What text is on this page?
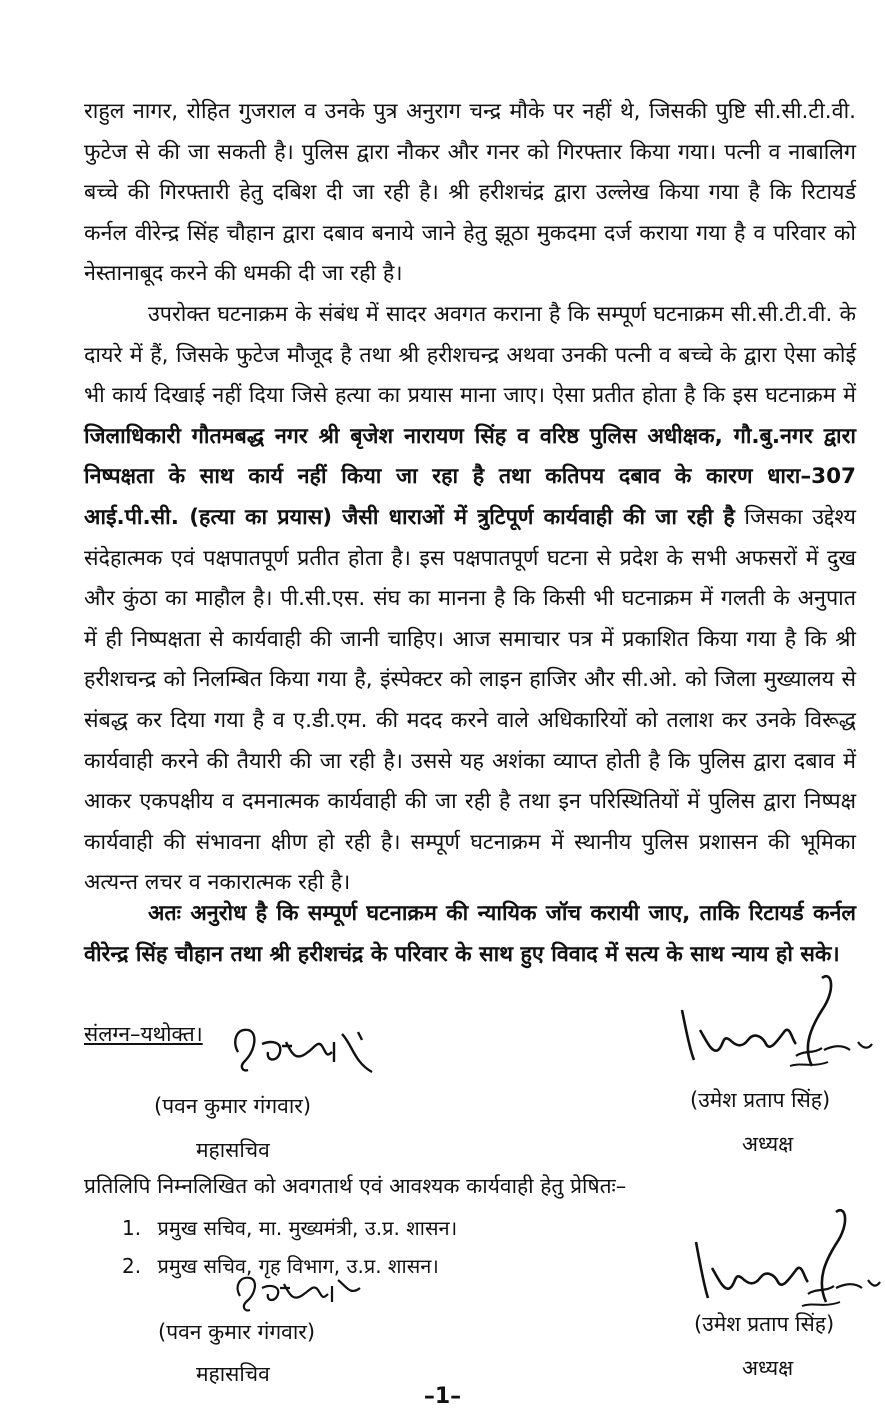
राहुल नागर, रोहित गुजराल व उनके पुत्र अनुराग चन्द्र मौके पर नहीं थे, जिसकी पुष्टि सी.सी.टी.वी. फुटेज से की जा सकती है। पुलिस द्वारा नौकर और गनर को गिरफ्तार किया गया। पत्नी व नाबालिग बच्चे की गिरफ्तारी हेतु दबिश दी जा रही है। श्री हरीशचंद्र द्वारा उल्लेख किया गया है कि रिटायर्ड कर्नल वीरेन्द्र सिंह चौहान द्वारा दबाव बनाये जाने हेतु झूठा मुकदमा दर्ज कराया गया है व परिवार को नेस्तानाबूद करने की धमकी दी जा रही है।

उपरोक्त घटनाक्रम के संबंध में सादर अवगत कराना है कि सम्पूर्ण घटनाक्रम सी.सी.टी.वी. के दायरे में हैं, जिसके फुटेज मौजूद है तथा श्री हरीशचन्द्र अथवा उनकी पत्नी व बच्चे के द्वारा ऐसा कोई भी कार्य दिखाई नहीं दिया जिसे हत्या का प्रयास माना जाए। ऐसा प्रतीत होता है कि इस घटनाक्रम में जिलाधिकारी गौतमबद्ध नगर श्री बृजेश नारायण सिंह व वरिष्ठ पुलिस अधीक्षक, गौ.बु.नगर द्वारा निष्पक्षता के साथ कार्य नहीं किया जा रहा है तथा कतिपय दबाव के कारण धारा–307 आई.पी.सी. (हत्या का प्रयास) जैसी धाराओं में त्रुटिपूर्ण कार्यवाही की जा रही है जिसका उद्देश्य संदेहात्मक एवं पक्षपातपूर्ण प्रतीत होता है। इस पक्षपातपूर्ण घटना से प्रदेश के सभी अफसरों में दुख और कुंठा का माहौल है। पी.सी.एस. संघ का मानना है कि किसी भी घटनाक्रम में गलती के अनुपात में ही निष्पक्षता से कार्यवाही की जानी चाहिए। आज समाचार पत्र में प्रकाशित किया गया है कि श्री हरीशचन्द्र को निलम्बित किया गया है, इंस्पेक्टर को लाइन हाजिर और सी.ओ. को जिला मुख्यालय से संबद्ध कर दिया गया है व ए.डी.एम. की मदद करने वाले अधिकारियों को तलाश कर उनके विरूद्ध कार्यवाही करने की तैयारी की जा रही है। उससे यह अशंका व्याप्त होती है कि पुलिस द्वारा दबाव में आकर एकपक्षीय व दमनात्मक कार्यवाही की जा रही है तथा इन परिस्थितियों में पुलिस द्वारा निष्पक्ष कार्यवाही की संभावना क्षीण हो रही है। सम्पूर्ण घटनाक्रम में स्थानीय पुलिस प्रशासन की भूमिका अत्यन्त लचर व नकारात्मक रही है।

अतः अनुरोध है कि सम्पूर्ण घटनाक्रम की न्यायिक जॉच करायी जाए, ताकि रिटायर्ड कर्नल वीरेन्द्र सिंह चौहान तथा श्री हरीशचंद्र के परिवार के साथ हुए विवाद में सत्य के साथ न्याय हो सके।

संलग्न–यथोक्त।
(पवन कुमार गंगवार)
महासचिव
(उमेश प्रताप सिंह)
अध्यक्ष
प्रतिलिपि निम्नलिखित को अवगतार्थ एवं आवश्यक कार्यवाही हेतु प्रेषितः–
1. प्रमुख सचिव, मा. मुख्यमंत्री, उ.प्र. शासन।
2. प्रमुख सचिव, गृह विभाग, उ.प्र. शासन।
(पवन कुमार गंगवार)
महासचिव
(उमेश प्रताप सिंह)
अध्यक्ष
–1–
